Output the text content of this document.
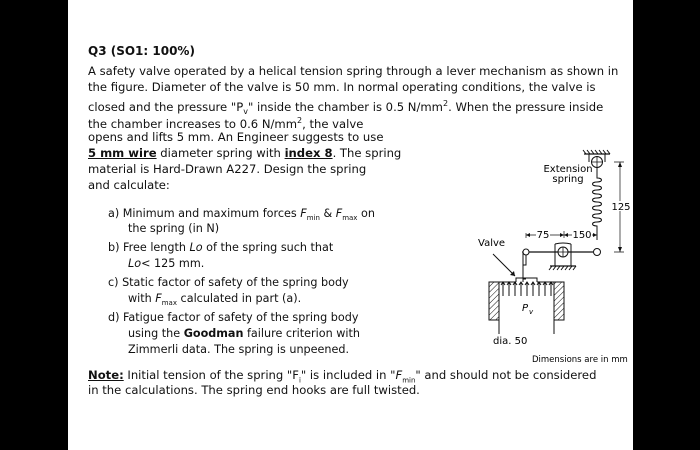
Q3 (SO1: 100%)
A safety valve operated by a helical tension spring through a lever mechanism as shown in
the figure. Diameter of the valve is 50 mm. In normal operating conditions, the valve is
closed and the pressure "$P_v$" inside the chamber is 0.5 $N/mm^2$. When the pressure inside
the chamber increases to 0.6 $N/mm^2$, the valve
opens and lifts 5 mm. An Engineer suggests to use
5 mm wire diameter spring with index 8. The spring
material is Hard-Drawn A227. Design the spring
and calculate:
a) Minimum and maximum forces $F_{min}$ & $F_{max}$ on
the spring (in N)
b) Free length Lo of the spring such that
Lo< 125 mm.
c) Static factor of safety of the spring body
with $F_{max}$ calculated in part (a).
d) Fatigue factor of safety of the spring body
using the Goodman failure criterion with
Zimmerli data. The spring is unpeened.
Note: Initial tension of the spring "$F_i$" is included in "$F_{min}$" and should not be considered
in the calculations. The spring end hooks are full twisted.
Extension
spring
Valve
75 150
125
P v
dia. 50
Dimensions are in mm
